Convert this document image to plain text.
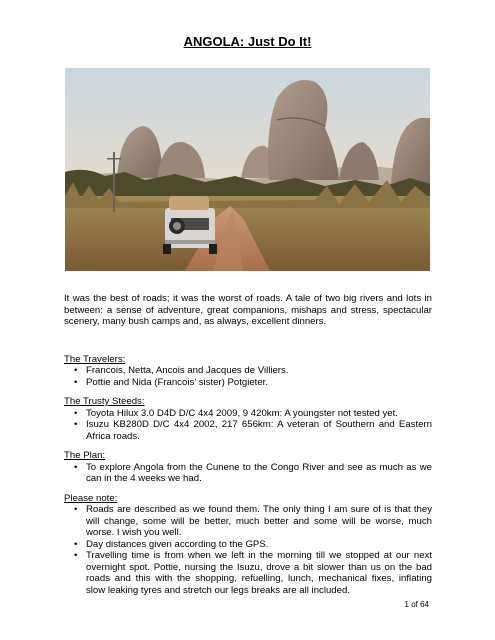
ANGOLA: Just Do It!

It was the best of roads; it was the worst of roads. A tale of two big rivers and lots in between: a sense of adventure, great companions, mishaps and stress, spectacular scenery, many bush camps and, as always, excellent dinners.

The Travelers:

• Francois, Netta, Ancois and Jacques de Villiers.
• Pottie and Nida (Francois’ sister) Potgieter.

The Trusty Steeds:

• Toyota Hilux 3.0 D4D D/C 4x4 2009, 9 420km: A youngster not tested yet.
• Isuzu KB280D D/C 4x4 2002, 217 656km: A veteran of Southern and Eastern Africa roads.

The Plan:

• To explore Angola from the Cunene to the Congo River and see as much as we can in the 4 weeks we had.

Please note:

• Roads are described as we found them. The only thing I am sure of is that they will change, some will be better, much better and some will be worse, much worse. I wish you well.
• Day distances given according to the GPS.
• Travelling time is from when we left in the morning till we stopped at our next overnight spot. Pottie, nursing the Isuzu, drove a bit slower than us on the bad roads and this with the shopping, refuelling, lunch, mechanical fixes, inflating slow leaking tyres and stretch our legs breaks are all included.
1 of 64
